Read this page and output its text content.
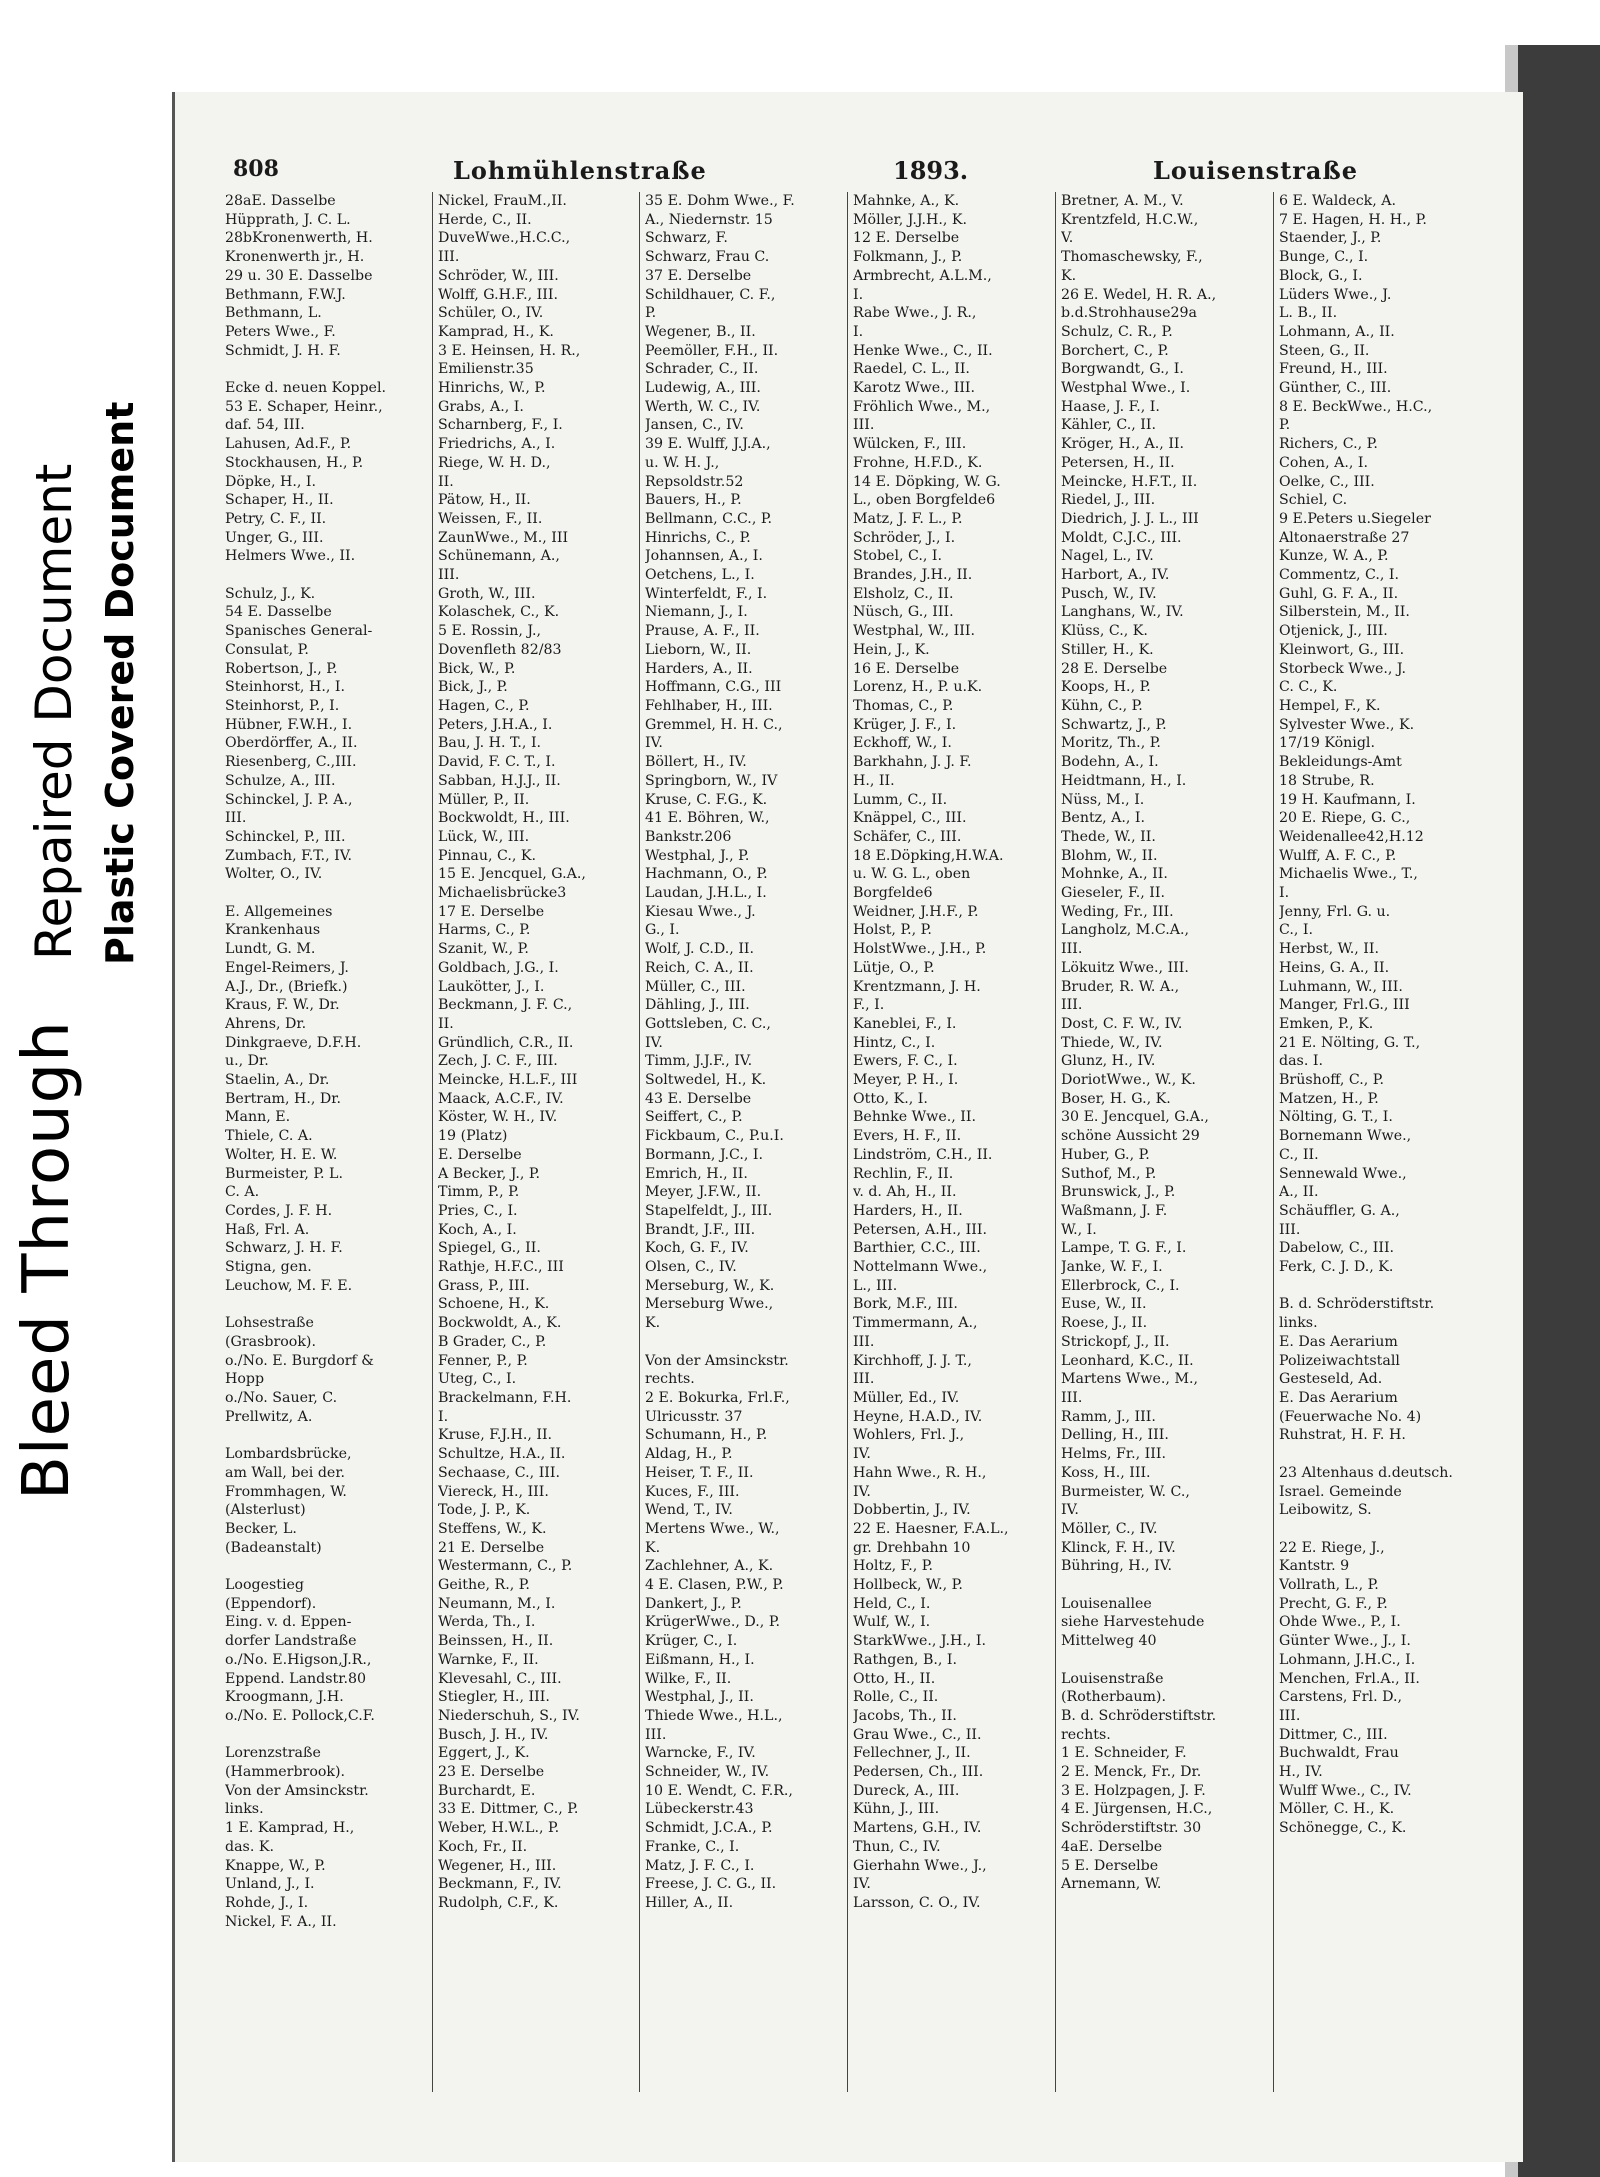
Bleed Through
Repaired Document Plastic Covered Document
808	Lohmühlenstraße	1893.	Louisenstraße
28aE. Dasselbe
Hüpprath, J. C. L.
28bKronenwerth, H.
Kronenwerth jr., H.
29 u. 30 E. Dasselbe
Bethmann, F.W.J.
Bethmann, L.
Peters Wwe., F.
Schmidt, J. H. F.

Ecke d. neuen Koppel.
53 E. Schaper, Heinr.,
daf. 54, III.
Lahusen, Ad.F., P.
Stockhausen, H., P.
Döpke, H., I.
Schaper, H., II.
Petry, C. F., II.
Unger, G., III.
Helmers Wwe., II.

Schulz, J., K.
54 E. Dasselbe
Spanisches General-
Consulat, P.
Robertson, J., P.
Steinhorst, H., I.
Steinhorst, P., I.
Hübner, F.W.H., I.
Oberdörffer, A., II.
Riesenberg, C.,III.
Schulze, A., III.
Schinckel, J. P. A.,
III.
Schinckel, P., III.
Zumbach, F.T., IV.
Wolter, O., IV.

E. Allgemeines
Krankenhaus
Lundt, G. M.
Engel-Reimers, J.
A.J., Dr., (Briefk.)
Kraus, F. W., Dr.
Ahrens, Dr.
Dinkgraeve, D.F.H.
u., Dr.
Staelin, A., Dr.
Bertram, H., Dr.
Mann, E.
Thiele, C. A.
Wolter, H. E. W.
Burmeister, P. L.
C. A.
Cordes, J. F. H.
Haß, Frl. A.
Schwarz, J. H. F.
Stigna, gen.
Leuchow, M. F. E.

Lohsestraße
(Grasbrook).
o./No. E. Burgdorf &
Hopp
o./No. Sauer, C.
Prellwitz, A.

Lombardsbrücke,
am Wall, bei der.
Frommhagen, W.
(Alsterlust)
Becker, L.
(Badeanstalt)

Loogestieg
(Eppendorf).
Eing. v. d. Eppen-
dorfer Landstraße
o./No. E.Higson,J.R.,
Eppend. Landstr.80
Kroogmann, J.H.
o./No. E. Pollock,C.F.

Lorenzstraße
(Hammerbrook).
Von der Amsinckstr.
links.
1 E. Kamprad, H.,
das. K.
Knappe, W., P.
Unland, J., I.
Rohde, J., I.
Nickel, F. A., II.
Nickel, FrauM.,II.
Herde, C., II.
DuveWwe.,H.C.C.,
III.
Schröder, W., III.
Wolff, G.H.F., III.
Schüler, O., IV.
Kamprad, H., K.
3 E. Heinsen, H. R.,
Emilienstr.35
Hinrichs, W., P.
Grabs, A., I.
Scharnberg, F., I.
Friedrichs, A., I.
Riege, W. H. D.,
II.
Pätow, H., II.
Weissen, F., II.
ZaunWwe., M., III
Schünemann, A.,
III.
Groth, W., III.
Kolaschek, C., K.
5 E. Rossin, J.,
Dovenfleth 82/83
Bick, W., P.
Bick, J., P.
Hagen, C., P.
Peters, J.H.A., I.
Bau, J. H. T., I.
David, F. C. T., I.
Sabban, H.J.J., II.
Müller, P., II.
Bockwoldt, H., III.
Lück, W., III.
Pinnau, C., K.
15 E. Jencquel, G.A.,
Michaelisbrücke3
17 E. Derselbe
Harms, C., P.
Szanit, W., P.
Goldbach, J.G., I.
Laukötter, J., I.
Beckmann, J. F. C.,
II.
Gründlich, C.R., II.
Zech, J. C. F., III.
Meincke, H.L.F., III
Maack, A.C.F., IV.
Köster, W. H., IV.
19 (Platz)
E. Derselbe
A Becker, J., P.
Timm, P., P.
Pries, C., I.
Koch, A., I.
Spiegel, G., II.
Rathje, H.F.C., III
Grass, P., III.
Schoene, H., K.
Bockwoldt, A., K.
B Grader, C., P.
Fenner, P., P.
Uteg, C., I.
Brackelmann, F.H.
I.
Kruse, F.J.H., II.
Schultze, H.A., II.
Sechaase, C., III.
Viereck, H., III.
Tode, J. P., K.
Steffens, W., K.
21 E. Derselbe
Westermann, C., P.
Geithe, R., P.
Neumann, M., I.
Werda, Th., I.
Beinssen, H., II.
Warnke, F., II.
Klevesahl, C., III.
Stiegler, H., III.
Niederschuh, S., IV.
Busch, J. H., IV.
Eggert, J., K.
23 E. Derselbe
Burchardt, E.
33 E. Dittmer, C., P.
Weber, H.W.L., P.
Koch, Fr., II.
Wegener, H., III.
Beckmann, F., IV.
Rudolph, C.F., K.
35 E. Dohm Wwe., F.
A., Niedernstr. 15
Schwarz, F.
Schwarz, Frau C.
37 E. Derselbe
Schildhauer, C. F.,
P.
Wegener, B., II.
Peemöller, F.H., II.
Schrader, C., II.
Ludewig, A., III.
Werth, W. C., IV.
Jansen, C., IV.
39 E. Wulff, J.J.A.,
u. W. H. J.,
Repsoldstr.52
Bauers, H., P.
Bellmann, C.C., P.
Hinrichs, C., P.
Johannsen, A., I.
Oetchens, L., I.
Winterfeldt, F., I.
Niemann, J., I.
Prause, A. F., II.
Lieborn, W., II.
Harders, A., II.
Hoffmann, C.G., III
Fehlhaber, H., III.
Gremmel, H. H. C.,
IV.
Böllert, H., IV.
Springborn, W., IV
Kruse, C. F.G., K.
41 E. Böhren, W.,
Bankstr.206
Westphal, J., P.
Hachmann, O., P.
Laudan, J.H.L., I.
Kiesau Wwe., J.
G., I.
Wolf, J. C.D., II.
Reich, C. A., II.
Müller, C., III.
Dähling, J., III.
Gottsleben, C. C.,
IV.
Timm, J.J.F., IV.
Soltwedel, H., K.
43 E. Derselbe
Seiffert, C., P.
Fickbaum, C., P.u.I.
Bormann, J.C., I.
Emrich, H., II.
Meyer, J.F.W., II.
Stapelfeldt, J., III.
Brandt, J.F., III.
Koch, G. F., IV.
Olsen, C., IV.
Merseburg, W., K.
Merseburg Wwe.,
K.

Von der Amsinckstr.
rechts.
2 E. Bokurka, Frl.F.,
Ulricusstr. 37
Schumann, H., P.
Aldag, H., P.
Heiser, T. F., II.
Kuces, F., III.
Wend, T., IV.
Mertens Wwe., W.,
K.
Zachlehner, A., K.
4 E. Clasen, P.W., P.
Dankert, J., P.
KrügerWwe., D., P.
Krüger, C., I.
Eißmann, H., I.
Wilke, F., II.
Westphal, J., II.
Thiede Wwe., H.L.,
III.
Warncke, F., IV.
Schneider, W., IV.
10 E. Wendt, C. F.R.,
Lübeckerstr.43
Schmidt, J.C.A., P.
Franke, C., I.
Matz, J. F. C., I.
Freese, J. C. G., II.
Hiller, A., II.
Mahnke, A., K.
Möller, J.J.H., K.
12 E. Derselbe
Folkmann, J., P.
Armbrecht, A.L.M.,
I.
Rabe Wwe., J. R.,
I.
Henke Wwe., C., II.
Raedel, C. L., II.
Karotz Wwe., III.
Fröhlich Wwe., M.,
III.
Wülcken, F., III.
Frohne, H.F.D., K.
14 E. Döpking, W. G.
L., oben Borgfelde6
Matz, J. F. L., P.
Schröder, J., I.
Stobel, C., I.
Brandes, J.H., II.
Elsholz, C., II.
Nüsch, G., III.
Westphal, W., III.
Hein, J., K.
16 E. Derselbe
Lorenz, H., P. u.K.
Thomas, C., P.
Krüger, J. F., I.
Eckhoff, W., I.
Barkhahn, J. J. F.
H., II.
Lumm, C., II.
Knäppel, C., III.
Schäfer, C., III.
18 E.Döpking,H.W.A.
u. W. G. L., oben
Borgfelde6
Weidner, J.H.F., P.
Holst, P., P.
HolstWwe., J.H., P.
Lütje, O., P.
Krentzmann, J. H.
F., I.
Kaneblei, F., I.
Hintz, C., I.
Ewers, F. C., I.
Meyer, P. H., I.
Otto, K., I.
Behnke Wwe., II.
Evers, H. F., II.
Lindström, C.H., II.
Rechlin, F., II.
v. d. Ah, H., II.
Harders, H., II.
Petersen, A.H., III.
Barthier, C.C., III.
Nottelmann Wwe.,
L., III.
Bork, M.F., III.
Timmermann, A.,
III.
Kirchhoff, J. J. T.,
III.
Müller, Ed., IV.
Heyne, H.A.D., IV.
Wohlers, Frl. J.,
IV.
Hahn Wwe., R. H.,
IV.
Dobbertin, J., IV.
22 E. Haesner, F.A.L.,
gr. Drehbahn 10
Holtz, F., P.
Hollbeck, W., P.
Held, C., I.
Wulf, W., I.
StarkWwe., J.H., I.
Rathgen, B., I.
Otto, H., II.
Rolle, C., II.
Jacobs, Th., II.
Grau Wwe., C., II.
Fellechner, J., II.
Pedersen, Ch., III.
Dureck, A., III.
Kühn, J., III.
Martens, G.H., IV.
Thun, C., IV.
Gierhahn Wwe., J.,
IV.
Larsson, C. O., IV.
Bretner, A. M., V.
Krentzfeld, H.C.W.,
V.
Thomaschewsky, F.,
K.
26 E. Wedel, H. R. A.,
b.d.Strohhause29a
Schulz, C. R., P.
Borchert, C., P.
Borgwandt, G., I.
Westphal Wwe., I.
Haase, J. F., I.
Kähler, C., II.
Kröger, H., A., II.
Petersen, H., II.
Meincke, H.F.T., II.
Riedel, J., III.
Diedrich, J. J. L., III
Moldt, C.J.C., III.
Nagel, L., IV.
Harbort, A., IV.
Pusch, W., IV.
Langhans, W., IV.
Klüss, C., K.
Stiller, H., K.
28 E. Derselbe
Koops, H., P.
Kühn, C., P.
Schwartz, J., P.
Moritz, Th., P.
Bodehn, A., I.
Heidtmann, H., I.
Nüss, M., I.
Bentz, A., I.
Thede, W., II.
Blohm, W., II.
Mohnke, A., II.
Gieseler, F., II.
Weding, Fr., III.
Langholz, M.C.A.,
III.
Lökuitz Wwe., III.
Bruder, R. W. A.,
III.
Dost, C. F. W., IV.
Thiede, W., IV.
Glunz, H., IV.
DoriotWwe., W., K.
Boser, H. G., K.
30 E. Jencquel, G.A.,
schöne Aussicht 29
Huber, G., P.
Suthof, M., P.
Brunswick, J., P.
Waßmann, J. F.
W., I.
Lampe, T. G. F., I.
Janke, W. F., I.
Ellerbrock, C., I.
Euse, W., II.
Roese, J., II.
Strickopf, J., II.
Leonhard, K.C., II.
Martens Wwe., M.,
III.
Ramm, J., III.
Delling, H., III.
Helms, Fr., III.
Koss, H., III.
Burmeister, W. C.,
IV.
Möller, C., IV.
Klinck, F. H., IV.
Bühring, H., IV.

Louisenallee
siehe Harvestehude
Mittelweg 40

Louisenstraße
(Rotherbaum).
B. d. Schröderstiftstr.
rechts.
1 E. Schneider, F.
2 E. Menck, Fr., Dr.
3 E. Holzpagen, J. F.
4 E. Jürgensen, H.C.,
Schröderstiftstr. 30
4aE. Derselbe
5 E. Derselbe
Arnemann, W.
6 E. Waldeck, A.
7 E. Hagen, H. H., P.
Staender, J., P.
Bunge, C., I.
Block, G., I.
Lüders Wwe., J.
L. B., II.
Lohmann, A., II.
Steen, G., II.
Freund, H., III.
Günther, C., III.
8 E. BeckWwe., H.C.,
P.
Richers, C., P.
Cohen, A., I.
Oelke, C., III.
Schiel, C.
9 E.Peters u.Siegeler
Altonaerstraße 27
Kunze, W. A., P.
Commentz, C., I.
Guhl, G. F. A., II.
Silberstein, M., II.
Otjenick, J., III.
Kleinwort, G., III.
Storbeck Wwe., J.
C. C., K.
Hempel, F., K.
Sylvester Wwe., K.
17/19 Königl.
Bekleidungs-Amt
18 Strube, R.
19 H. Kaufmann, I.
20 E. Riepe, G. C.,
Weidenallee42,H.12
Wulff, A. F. C., P.
Michaelis Wwe., T.,
I.
Jenny, Frl. G. u.
C., I.
Herbst, W., II.
Heins, G. A., II.
Luhmann, W., III.
Manger, Frl.G., III
Emken, P., K.
21 E. Nölting, G. T.,
das. I.
Brüshoff, C., P.
Matzen, H., P.
Nölting, G. T., I.
Bornemann Wwe.,
C., II.
Sennewald Wwe.,
A., II.
Schäuffler, G. A.,
III.
Dabelow, C., III.
Ferk, C. J. D., K.

B. d. Schröderstiftstr.
links.
E. Das Aerarium
Polizeiwachtstall
Gesteseld, Ad.
E. Das Aerarium
(Feuerwache No. 4)
Ruhstrat, H. F. H.

23 Altenhaus d.deutsch.
Israel. Gemeinde
Leibowitz, S.

22 E. Riege, J.,
Kantstr. 9
Vollrath, L., P.
Precht, G. F., P.
Ohde Wwe., P., I.
Günter Wwe., J., I.
Lohmann, J.H.C., I.
Menchen, Frl.A., II.
Carstens, Frl. D.,
III.
Dittmer, C., III.
Buchwaldt, Frau
H., IV.
Wulff Wwe., C., IV.
Möller, C. H., K.
Schönegge, C., K.
